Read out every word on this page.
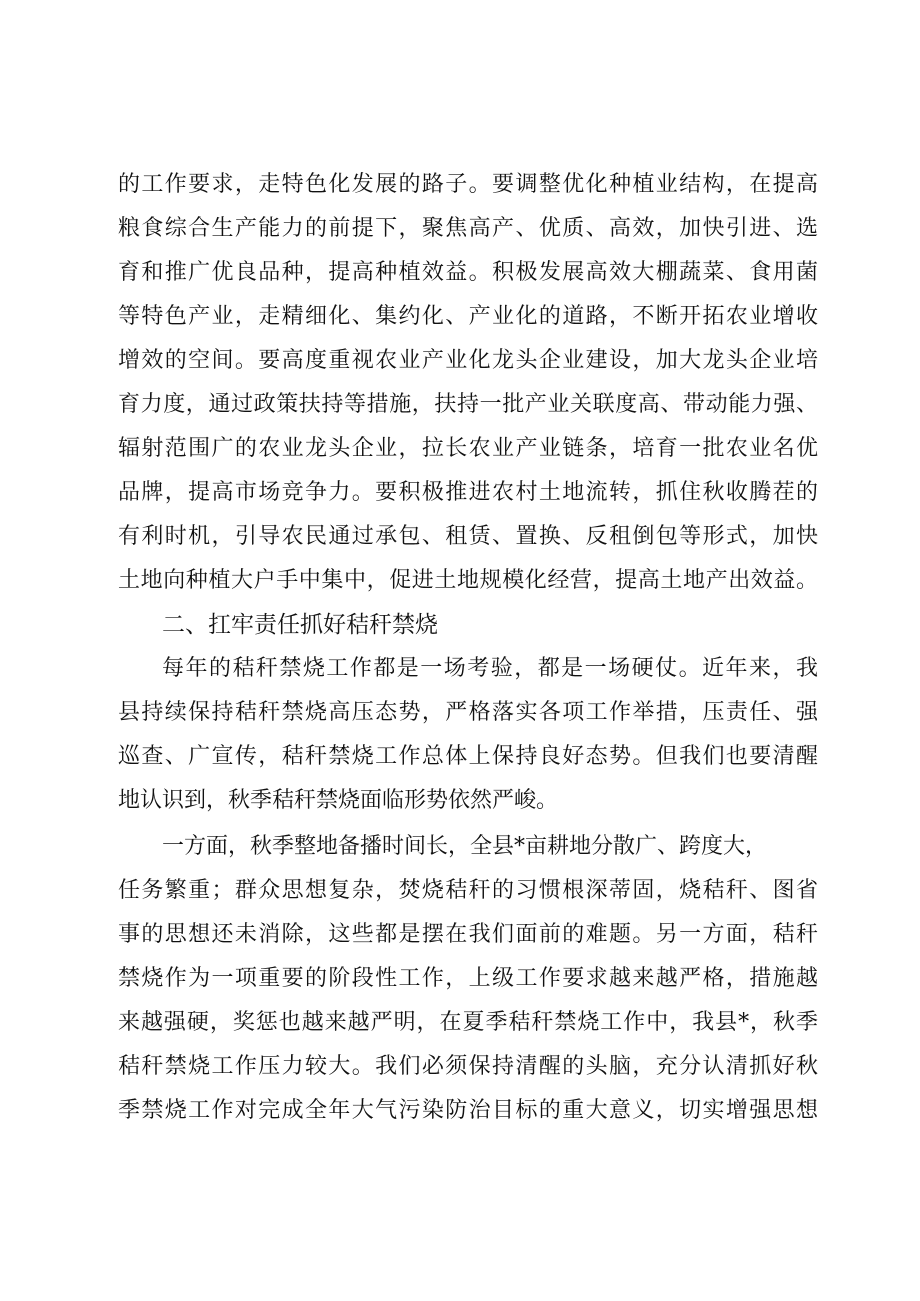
的工作要求，走特色化发展的路子。要调整优化种植业结构，在提高
粮食综合生产能力的前提下，聚焦高产、优质、高效，加快引进、选
育和推广优良品种，提高种植效益。积极发展高效大棚蔬菜、食用菌
等特色产业，走精细化、集约化、产业化的道路，不断开拓农业增收
增效的空间。要高度重视农业产业化龙头企业建设，加大龙头企业培
育力度，通过政策扶持等措施，扶持一批产业关联度高、带动能力强、
辐射范围广的农业龙头企业，拉长农业产业链条，培育一批农业名优
品牌，提高市场竞争力。要积极推进农村土地流转，抓住秋收腾茬的
有利时机，引导农民通过承包、租赁、置换、反租倒包等形式，加快
土地向种植大户手中集中，促进土地规模化经营，提高土地产出效益。
二、扛牢责任抓好秸秆禁烧
每年的秸秆禁烧工作都是一场考验，都是一场硬仗。近年来，我
县持续保持秸秆禁烧高压态势，严格落实各项工作举措，压责任、强
巡查、广宣传，秸秆禁烧工作总体上保持良好态势。但我们也要清醒
地认识到，秋季秸秆禁烧面临形势依然严峻。
一方面，秋季整地备播时间长，全县*亩耕地分散广、跨度大，
任务繁重；群众思想复杂，焚烧秸秆的习惯根深蒂固，烧秸秆、图省
事的思想还未消除，这些都是摆在我们面前的难题。另一方面，秸秆
禁烧作为一项重要的阶段性工作，上级工作要求越来越严格，措施越
来越强硬，奖惩也越来越严明，在夏季秸秆禁烧工作中，我县*，秋季
秸秆禁烧工作压力较大。我们必须保持清醒的头脑，充分认清抓好秋
季禁烧工作对完成全年大气污染防治目标的重大意义，切实增强思想
